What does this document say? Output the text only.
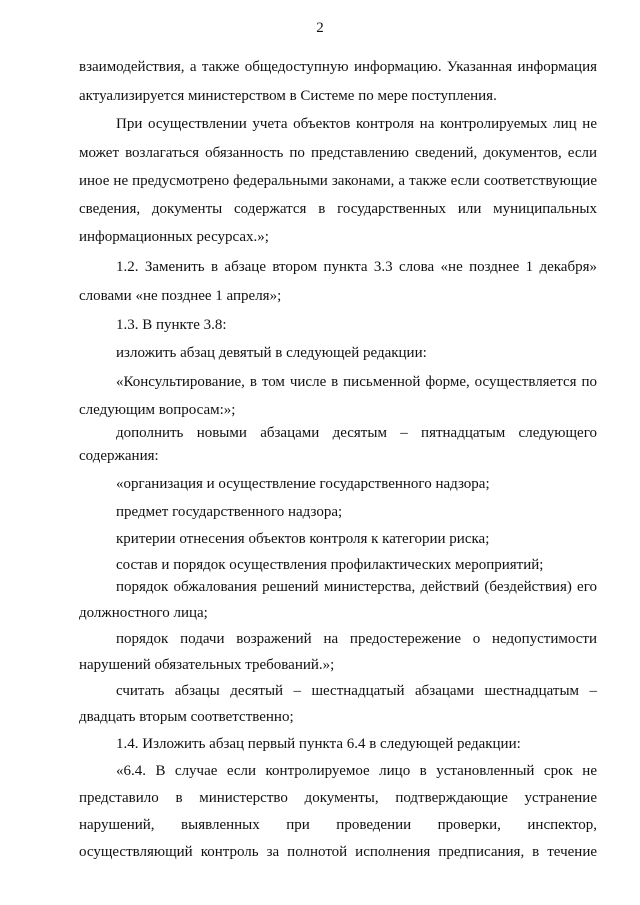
2
взаимодействия, а также общедоступную информацию. Указанная информация
актуализируется министерством в Системе по мере поступления.
При осуществлении учета объектов контроля на контролируемых лиц не
может возлагаться обязанность по представлению сведений, документов, если
иное не предусмотрено федеральными законами, а также если соответствующие
сведения, документы содержатся в государственных или муниципальных
информационных ресурсах.»;
1.2. Заменить в абзаце втором пункта 3.3 слова «не позднее 1 декабря»
словами «не позднее 1 апреля»;
1.3. В пункте 3.8:
изложить абзац девятый в следующей редакции:
«Консультирование, в том числе в письменной форме, осуществляется по
следующим вопросам:»;
дополнить новыми абзацами десятым – пятнадцатым следующего
содержания:
«организация и осуществление государственного надзора;
предмет государственного надзора;
критерии отнесения объектов контроля к категории риска;
состав и порядок осуществления профилактических мероприятий;
порядок обжалования решений министерства, действий (бездействия) его
должностного лица;
порядок подачи возражений на предостережение о недопустимости
нарушений обязательных требований.»;
считать абзацы десятый – шестнадцатый абзацами шестнадцатым –
двадцать вторым соответственно;
1.4. Изложить абзац первый пункта 6.4 в следующей редакции:
«6.4. В случае если контролируемое лицо в установленный срок не
представило в министерство документы, подтверждающие устранение
нарушений, выявленных при проведении проверки, инспектор,
осуществляющий контроль за полнотой исполнения предписания, в течение
